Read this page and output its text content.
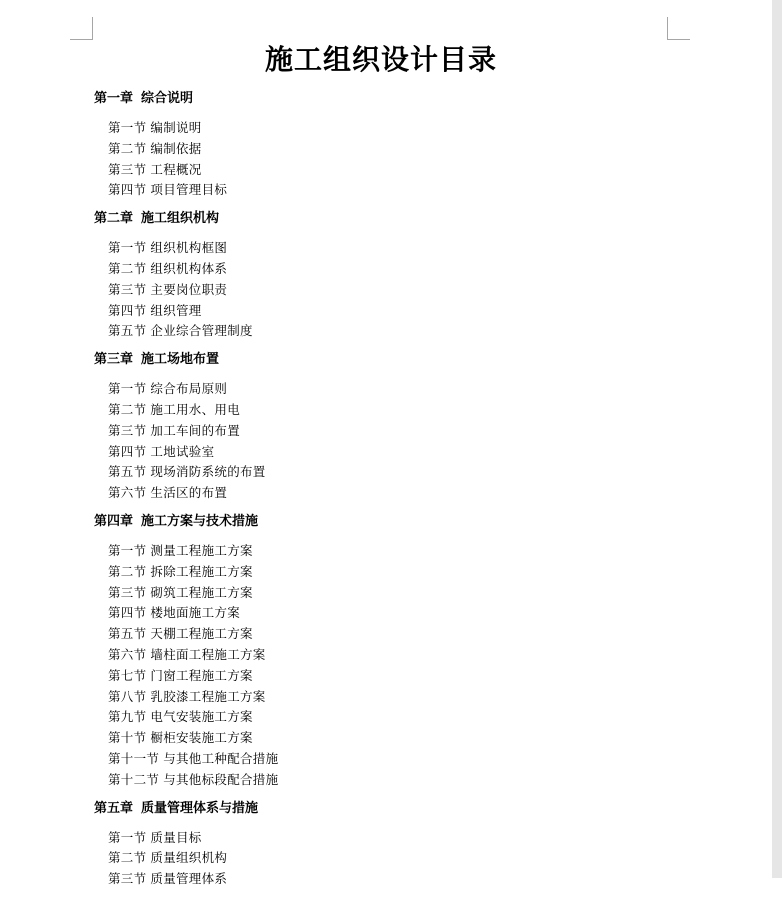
施工组织设计目录
第一章 综合说明
第一节 编制说明
第二节 编制依据
第三节 工程概况
第四节 项目管理目标
第二章 施工组织机构
第一节 组织机构框图
第二节 组织机构体系
第三节 主要岗位职责
第四节 组织管理
第五节 企业综合管理制度
第三章 施工场地布置
第一节 综合布局原则
第二节 施工用水、用电
第三节 加工车间的布置
第四节 工地试验室
第五节 现场消防系统的布置
第六节 生活区的布置
第四章 施工方案与技术措施
第一节 测量工程施工方案
第二节 拆除工程施工方案
第三节 砌筑工程施工方案
第四节 楼地面施工方案
第五节 天棚工程施工方案
第六节 墙柱面工程施工方案
第七节 门窗工程施工方案
第八节 乳胶漆工程施工方案
第九节 电气安装施工方案
第十节 橱柜安装施工方案
第十一节 与其他工种配合措施
第十二节 与其他标段配合措施
第五章 质量管理体系与措施
第一节 质量目标
第二节 质量组织机构
第三节 质量管理体系
